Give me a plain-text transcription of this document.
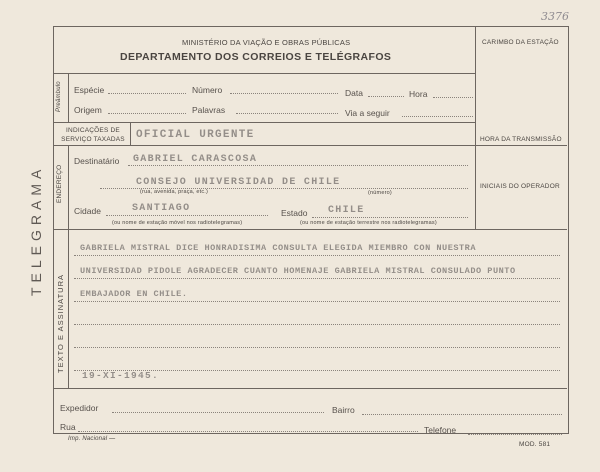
3376
TELEGRAMA
MINISTÉRIO DA VIAÇÃO E OBRAS PÚBLICAS
DEPARTAMENTO DOS CORREIOS E TELÉGRAFOS
CARIMBO DA ESTAÇÃO
Preâmbulo Espécie	Número	Data	Hora
Origem	Palavras	Via a seguir
INDICAÇÕES DE SERVIÇO TAXADAS OFICIAL URGENTE	HORA DA TRANSMISSÃO
ENDEREÇO
Destinatário GABRIEL CARASCOSA
CONSEJO UNIVERSIDAD DE CHILE
(rua, avenida, praça, etc.)	(número)
INICIAIS DO OPERADOR
Cidade	SANTIAGO	Estado CHILE
(ou nome de estação móvel nos radiotelegramas)	(ou nome de estação terrestre nos radiotelegramas)
TEXTO E ASSINATURA
GABRIELA MISTRAL DICE HONRADISIMA CONSULTA ELEGIDA MIEMBRO CON NUESTRA
UNIVERSIDAD PIDOLE AGRADECER CUANTO HOMENAJE GABRIELA MISTRAL CONSULADO PUNTO
EMBAJADOR EN CHILE.
19-XI-1945.
Expedidor	Bairro
Rua	Telefone
Imp. Nacional —
MOD. 581
